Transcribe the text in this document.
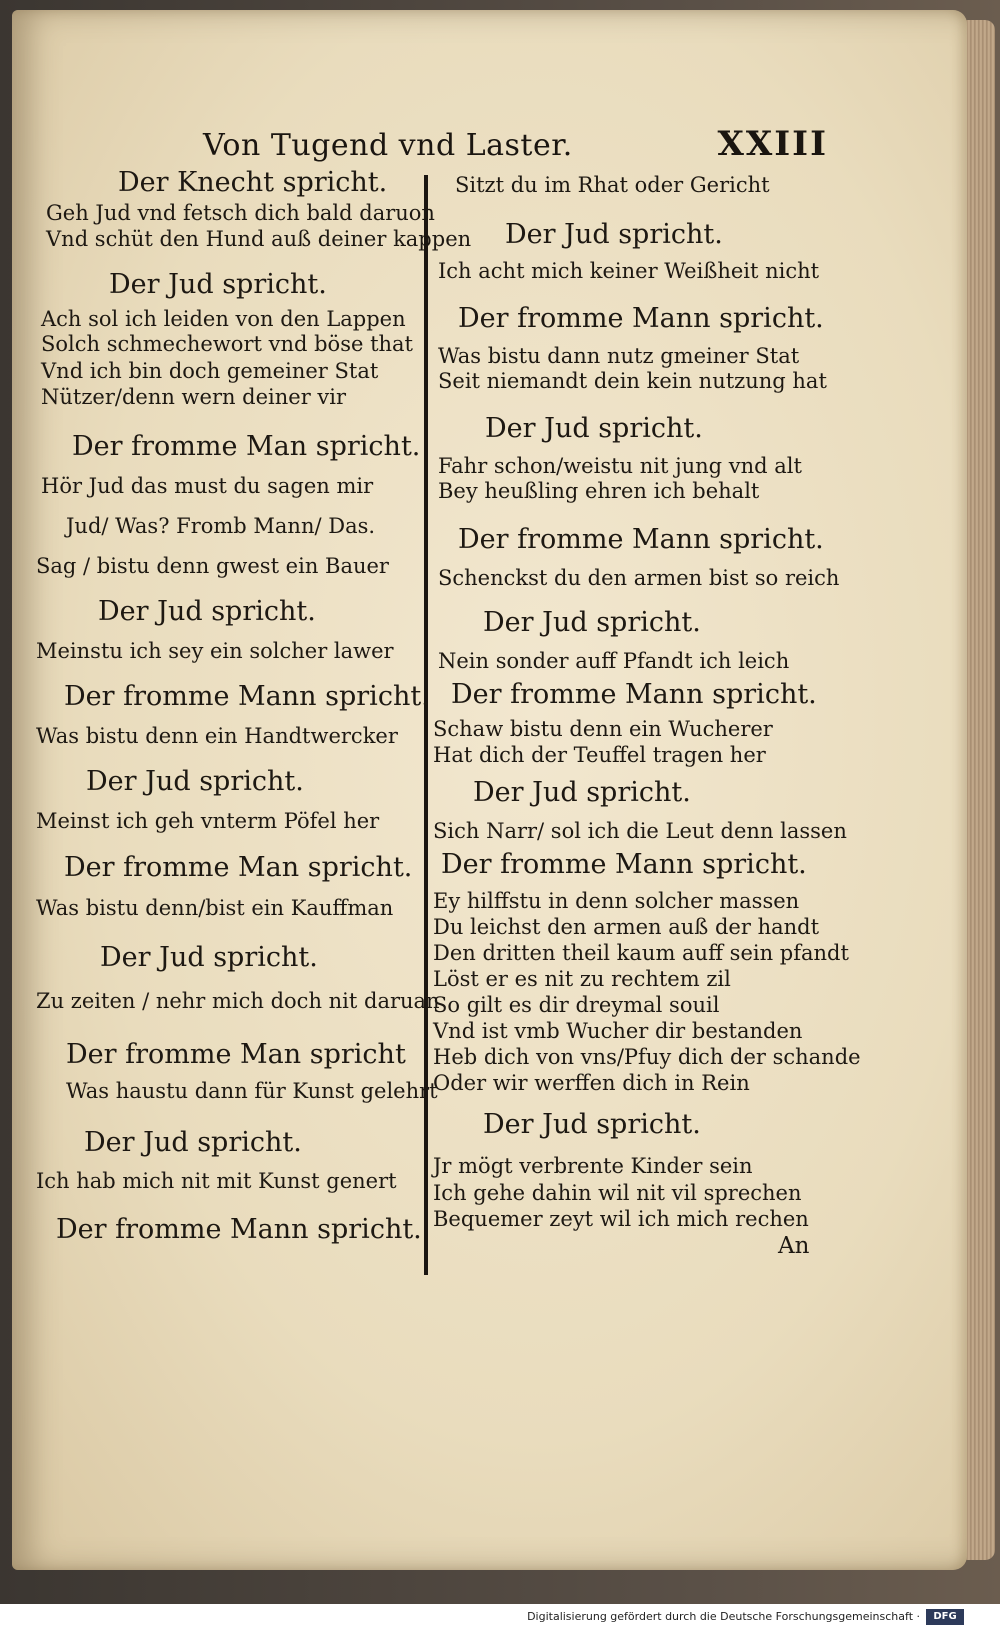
Von Tugend vnd Laster.	XXIII
Der Knecht spricht.
Geh Jud vnd fetsch dich bald daruon
Vnd schüt den Hund auß deiner kappen
Der Jud spricht.
Ach sol ich leiden von den Lappen
Solch schmechewort vnd böse that
Vnd ich bin doch gemeiner Stat
Nützer/denn wern deiner vir
Der fromme Man spricht.
Hör Jud das must du sagen mir
Jud/ Was? Fromb Mann/ Das.
Sag / bistu denn gwest ein Bauer
Der Jud spricht.
Meinstu ich sey ein solcher lawer
Der fromme Mann spricht.
Was bistu denn ein Handtwercker
Der Jud spricht.
Meinst ich geh vnterm Pöfel her
Der fromme Man spricht.
Was bistu denn/bist ein Kauffman
Der Jud spricht.
Zu zeiten / nehr mich doch nit daruan
Der fromme Man spricht
Was haustu dann für Kunst gelehrt
Der Jud spricht.
Ich hab mich nit mit Kunst genert
Der fromme Mann spricht.
Sitzt du im Rhat oder Gericht
Der Jud spricht.
Ich acht mich keiner Weißheit nicht
Der fromme Mann spricht.
Was bistu dann nutz gmeiner Stat
Seit niemandt dein kein nutzung hat
Der Jud spricht.
Fahr schon/weistu nit jung vnd alt
Bey heußling ehren ich behalt
Der fromme Mann spricht.
Schenckst du den armen bist so reich
Der Jud spricht.
Nein sonder auff Pfandt ich leich
Der fromme Mann spricht.
Schaw bistu denn ein Wucherer
Hat dich der Teuffel tragen her
Der Jud spricht.
Sich Narr/ sol ich die Leut denn lassen
Der fromme Mann spricht.
Ey hilffstu in denn solcher massen
Du leichst den armen auß der handt
Den dritten theil kaum auff sein pfandt
Löst er es nit zu rechtem zil
So gilt es dir dreymal souil
Vnd ist vmb Wucher dir bestanden
Heb dich von vns/Pfuy dich der schande
Oder wir werffen dich in Rein
Der Jud spricht.
Jr mögt verbrente Kinder sein
Ich gehe dahin wil nit vil sprechen
Bequemer zeyt wil ich mich rechen
An
Digitalisierung gefördert durch die Deutsche Forschungsgemeinschaft ·	DFG
